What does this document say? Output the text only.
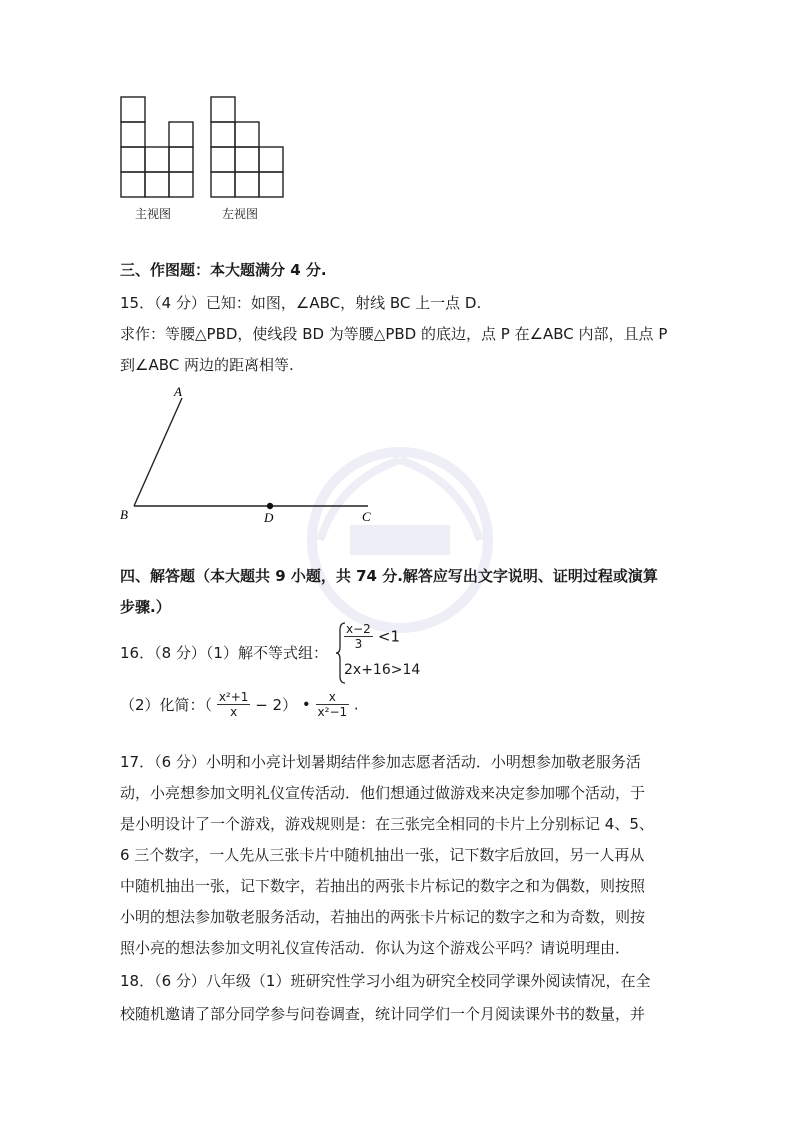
主视图	左视图
三、作图题：本大题满分 4 分.
15．（4 分）已知：如图，∠ABC，射线 BC 上一点 D.
求作：等腰△PBD，使线段 BD 为等腰△PBD 的底边，点 P 在∠ABC 内部，且点 P
到∠ABC 两边的距离相等.
A
B	D	C
四、解答题（本大题共 9 小题，共 74 分.解答应写出文字说明、证明过程或演算
步骤.）
16．（8 分）（1）解不等式组：
$\frac{x-2}{3} <1$
2x+16>14
（2）化简：（ $\frac{\text{x²+1}}{x} - 2$） • $\frac{x}{\text{x²−1}}$ .
17．（6 分）小明和小亮计划暑期结伴参加志愿者活动．小明想参加敬老服务活
动，小亮想参加文明礼仪宣传活动．他们想通过做游戏来决定参加哪个活动，于
是小明设计了一个游戏，游戏规则是：在三张完全相同的卡片上分别标记 4、5、
6 三个数字，一人先从三张卡片中随机抽出一张，记下数字后放回，另一人再从
中随机抽出一张，记下数字，若抽出的两张卡片标记的数字之和为偶数，则按照
小明的想法参加敬老服务活动，若抽出的两张卡片标记的数字之和为奇数，则按
照小亮的想法参加文明礼仪宣传活动．你认为这个游戏公平吗？请说明理由．
18．（6 分）八年级（1）班研究性学习小组为研究全校同学课外阅读情况，在全
校随机邀请了部分同学参与问卷调查，统计同学们一个月阅读课外书的数量，并
